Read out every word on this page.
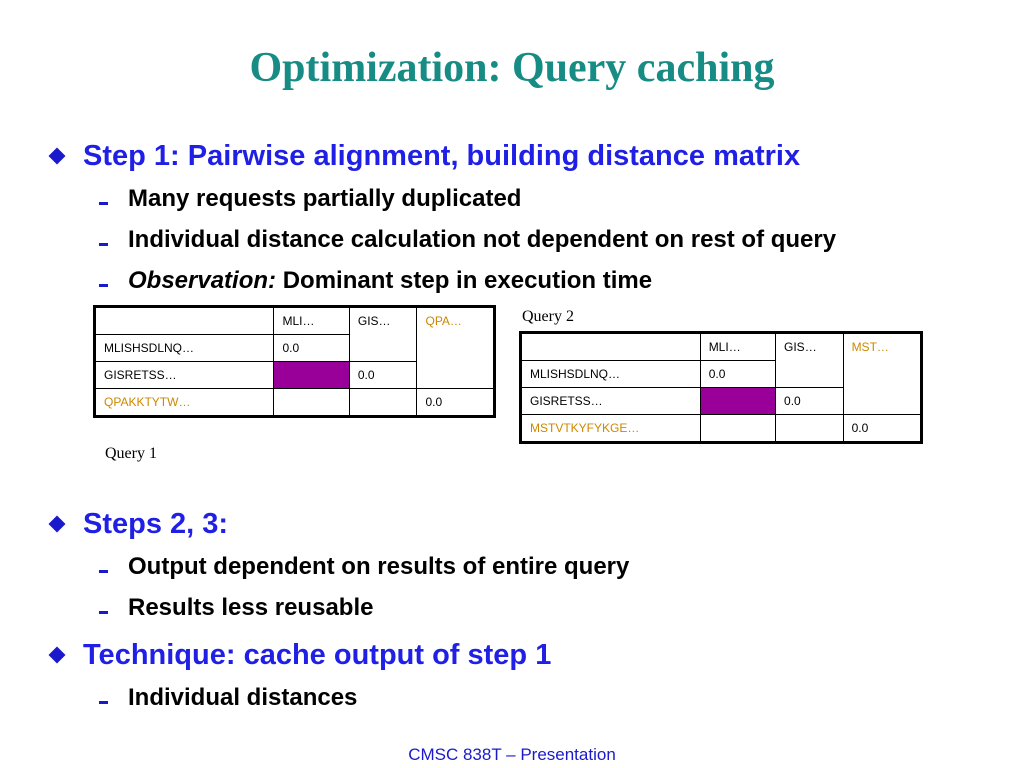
Optimization: Query caching
Step 1: Pairwise alignment, building distance matrix
Many requests partially duplicated
Individual distance calculation not dependent on rest of query
Observation: Dominant step in execution time
	MLI…	GIS…	QPA…
MLISHSDLNQ…	0.0		
GISRETSS…		0.0	
QPAKKTYTW…			0.0
Query 1
Query 2
	MLI…	GIS…	MST…
MLISHSDLNQ…	0.0		
GISRETSS…		0.0	
MSTVTKYFYKGE…			0.0
Steps 2, 3:
Output dependent on results of entire query
Results less reusable
Technique: cache output of step 1
Individual distances
CMSC 838T – Presentation
